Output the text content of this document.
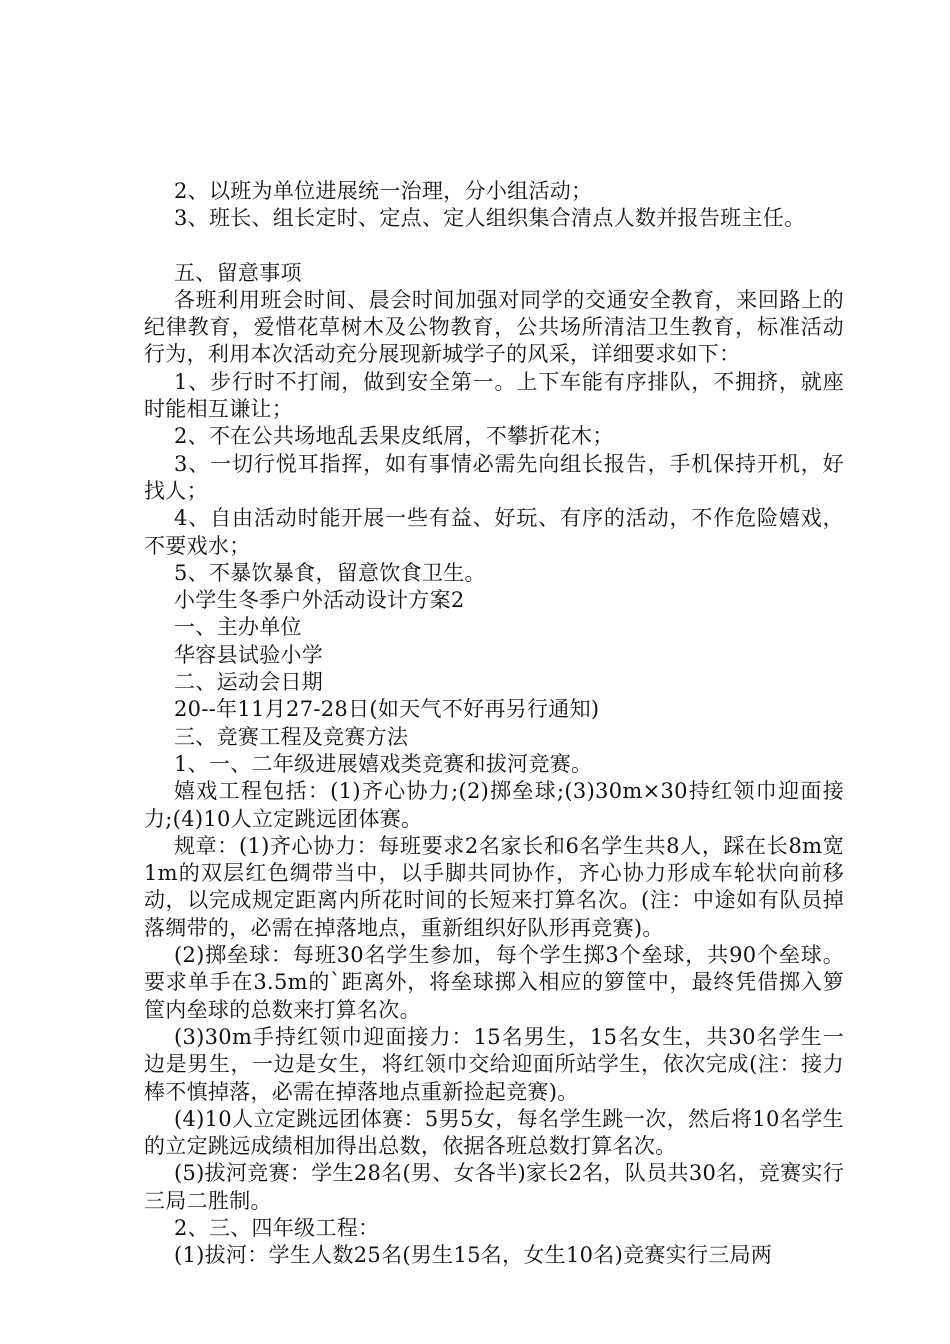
2、以班为单位进展统一治理，分小组活动；

3、班长、组长定时、定点、定人组织集合清点人数并报告班主任。

五、留意事项

各班利用班会时间、晨会时间加强对同学的交通安全教育，来回路上的纪律教育，爱惜花草树木及公物教育，公共场所清洁卫生教育，标准活动行为，利用本次活动充分展现新城学子的风采，详细要求如下：

1、步行时不打闹，做到安全第一。上下车能有序排队，不拥挤，就座时能相互谦让；

2、不在公共场地乱丢果皮纸屑，不攀折花木；

3、一切行悦耳指挥，如有事情必需先向组长报告，手机保持开机，好找人；

4、自由活动时能开展一些有益、好玩、有序的活动，不作危险嬉戏，不要戏水；

5、不暴饮暴食，留意饮食卫生。

小学生冬季户外活动设计方案2

一、主办单位

华容县试验小学

二、运动会日期

20--年11月27-28日(如天气不好再另行通知)

三、竞赛工程及竞赛方法

1、一、二年级进展嬉戏类竞赛和拔河竞赛。

嬉戏工程包括：(1)齐心协力;(2)掷垒球;(3)30m×30持红领巾迎面接力;(4)10人立定跳远团体赛。

规章：(1)齐心协力：每班要求2名家长和6名学生共8人，踩在长8m宽1m的双层红色绸带当中，以手脚共同协作，齐心协力形成车轮状向前移动，以完成规定距离内所花时间的长短来打算名次。(注：中途如有队员掉落绸带的，必需在掉落地点，重新组织好队形再竞赛)。

(2)掷垒球：每班30名学生参加，每个学生掷3个垒球，共90个垒球。要求单手在3.5m的`距离外，将垒球掷入相应的箩筐中，最终凭借掷入箩筐内垒球的总数来打算名次。

(3)30m手持红领巾迎面接力：15名男生，15名女生，共30名学生一边是男生，一边是女生，将红领巾交给迎面所站学生，依次完成(注：接力棒不慎掉落，必需在掉落地点重新捡起竞赛)。

(4)10人立定跳远团体赛：5男5女，每名学生跳一次，然后将10名学生的立定跳远成绩相加得出总数，依据各班总数打算名次。

(5)拔河竞赛：学生28名(男、女各半)家长2名，队员共30名，竞赛实行三局二胜制。

2、三、四年级工程：

(1)拔河：学生人数25名(男生15名，女生10名)竞赛实行三局两
